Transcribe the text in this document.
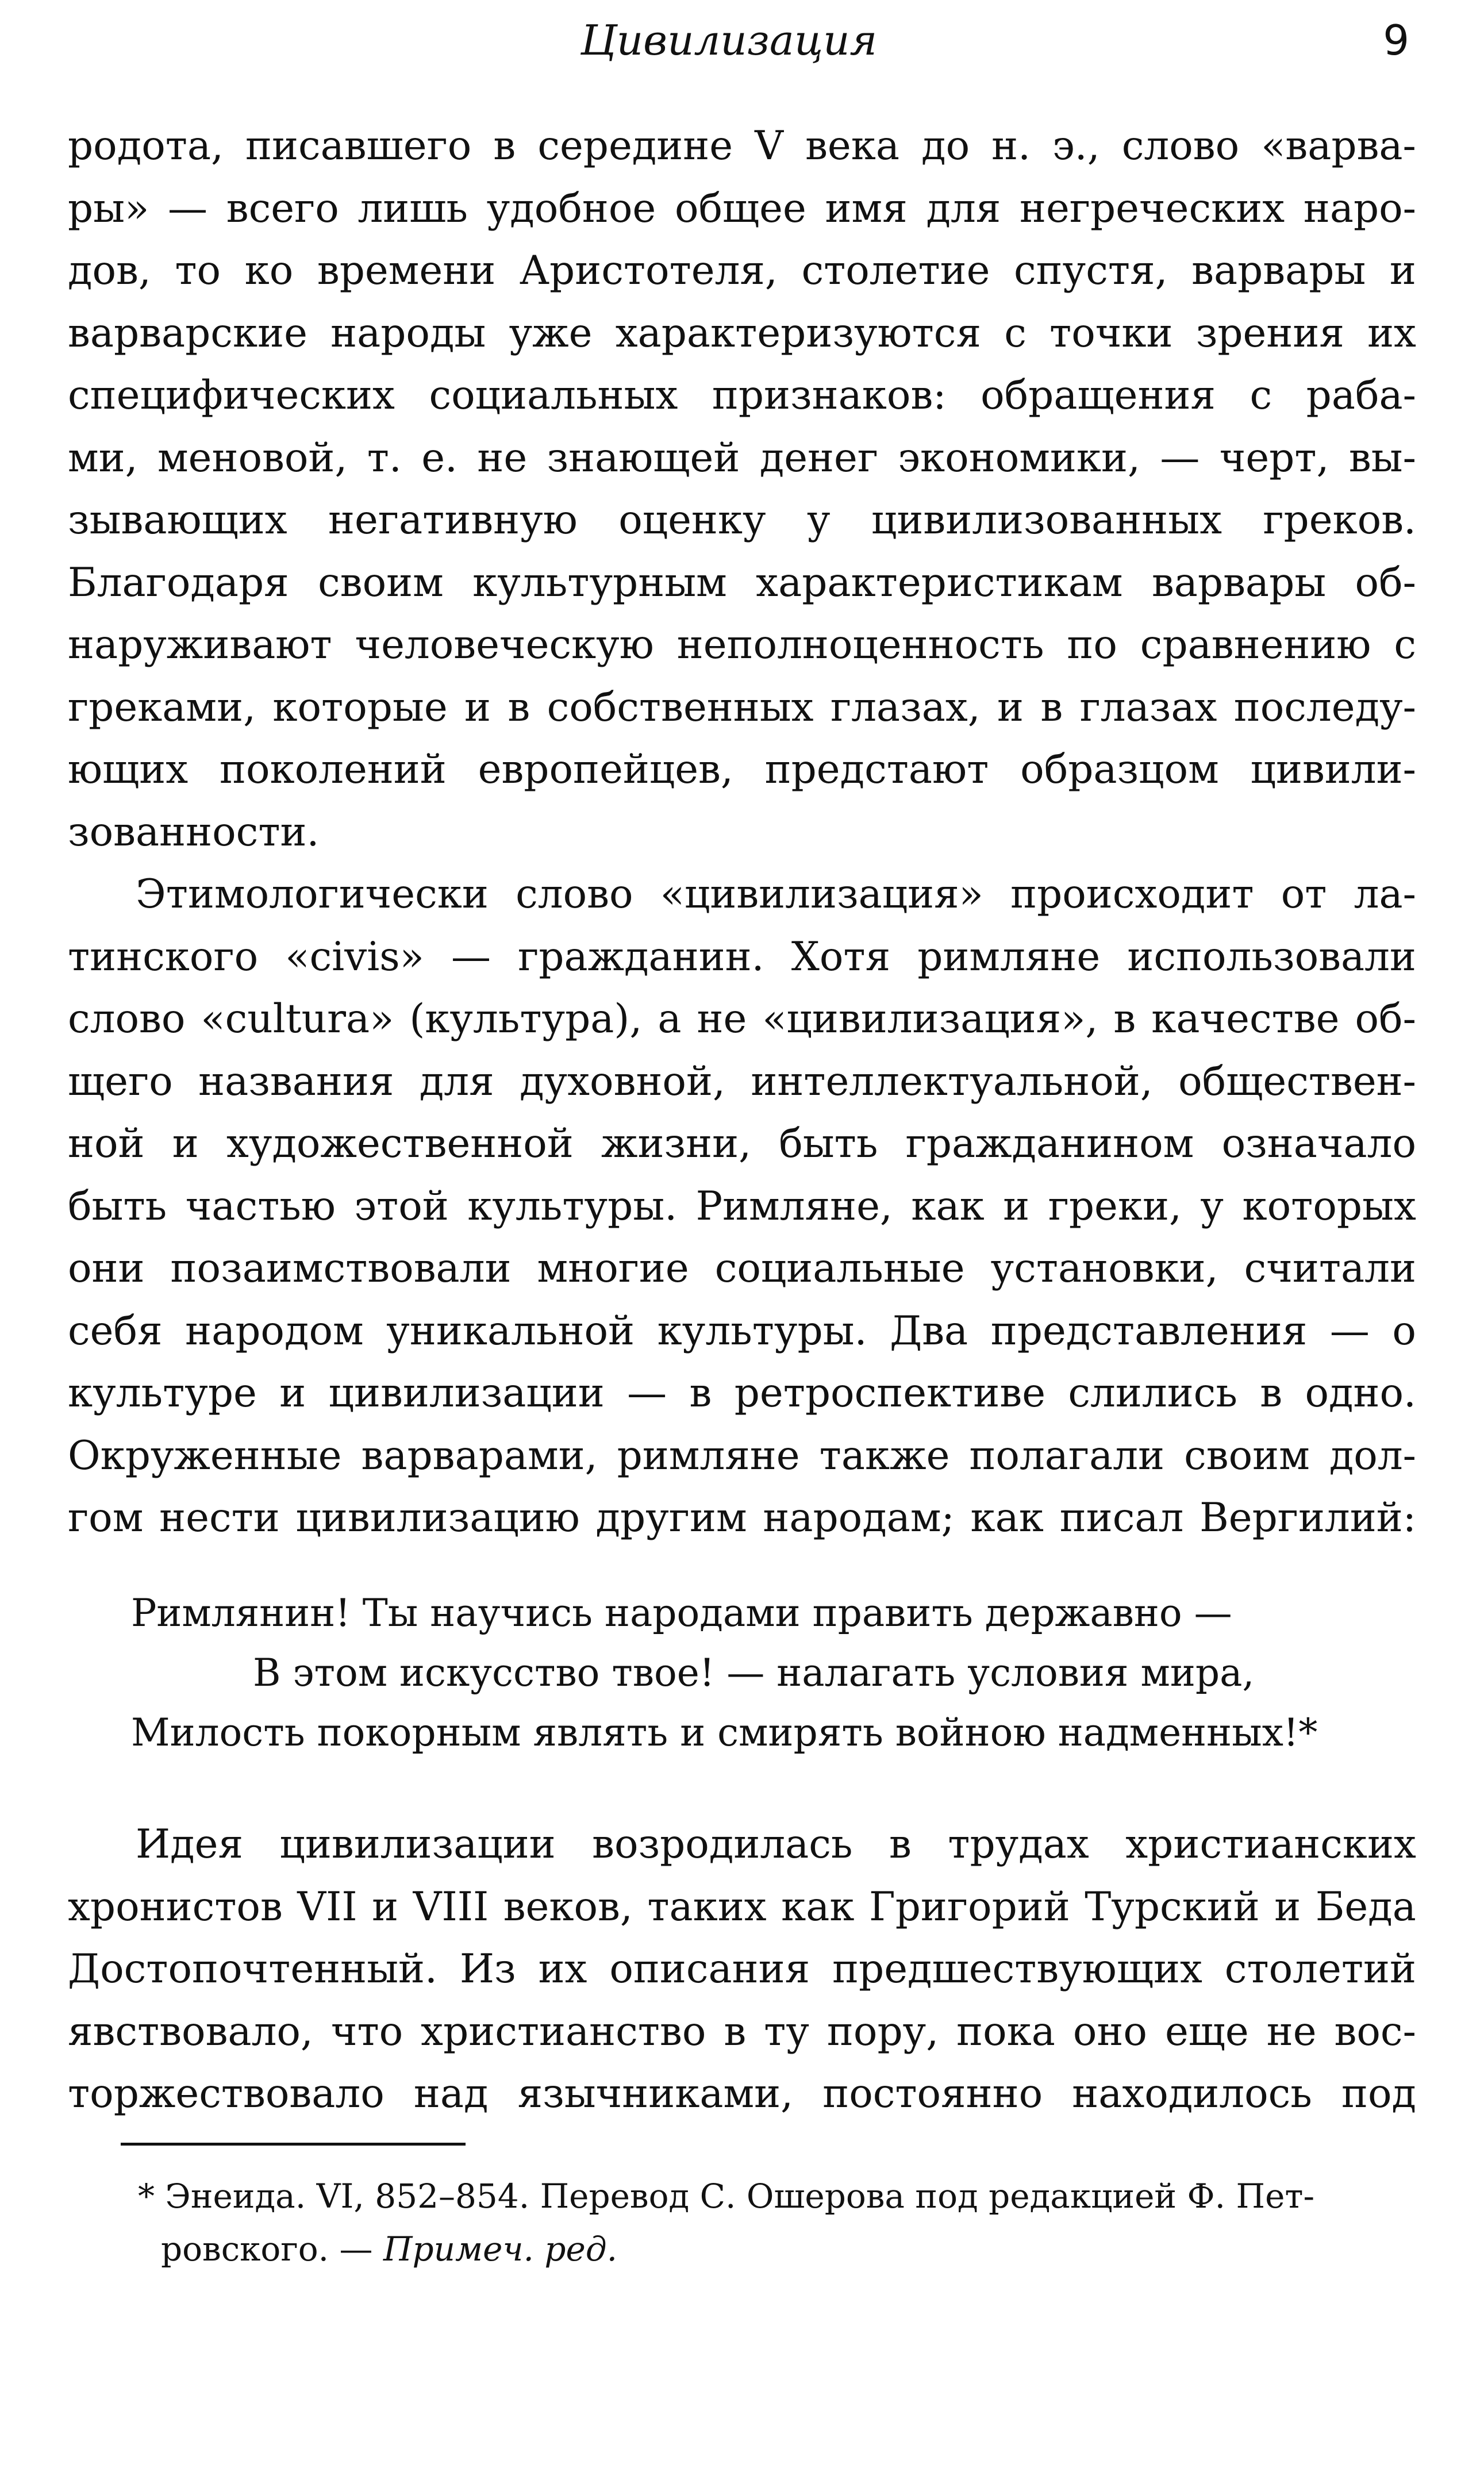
Цивилизация	9
родота, писавшего в середине V века до н. э., слово «варва-
ры» — всего лишь удобное общее имя для негреческих наро-
дов, то ко времени Аристотеля, столетие спустя, варвары и
варварские народы уже характеризуются с точки зрения их
специфических социальных признаков: обращения с раба-
ми, меновой, т. е. не знающей денег экономики, — черт, вы-
зывающих негативную оценку у цивилизованных греков.
Благодаря своим культурным характеристикам варвары об-
наруживают человеческую неполноценность по сравнению с
греками, которые и в собственных глазах, и в глазах последу-
ющих поколений европейцев, предстают образцом цивили-
зованности.
Этимологически слово «цивилизация» происходит от ла-
тинского «civis» — гражданин. Хотя римляне использовали
слово «cultura» (культура), а не «цивилизация», в качестве об-
щего названия для духовной, интеллектуальной, обществен-
ной и художественной жизни, быть гражданином означало
быть частью этой культуры. Римляне, как и греки, у которых
они позаимствовали многие социальные установки, считали
себя народом уникальной культуры. Два представления — о
культуре и цивилизации — в ретроспективе слились в одно.
Окруженные варварами, римляне также полагали своим дол-
гом нести цивилизацию другим народам; как писал Вергилий:
Римлянин! Ты научись народами править державно —
В этом искусство твое! — налагать условия мира,
Милость покорным являть и смирять войною надменных!*
Идея цивилизации возродилась в трудах христианских
хронистов VII и VIII веков, таких как Григорий Турский и Беда
Достопочтенный. Из их описания предшествующих столетий
явствовало, что христианство в ту пору, пока оно еще не вос-
торжествовало над язычниками, постоянно находилось под
* Энеида. VI, 852–854. Перевод С. Ошерова под редакцией Ф. Пет-
ровского. — Примеч. ред.
